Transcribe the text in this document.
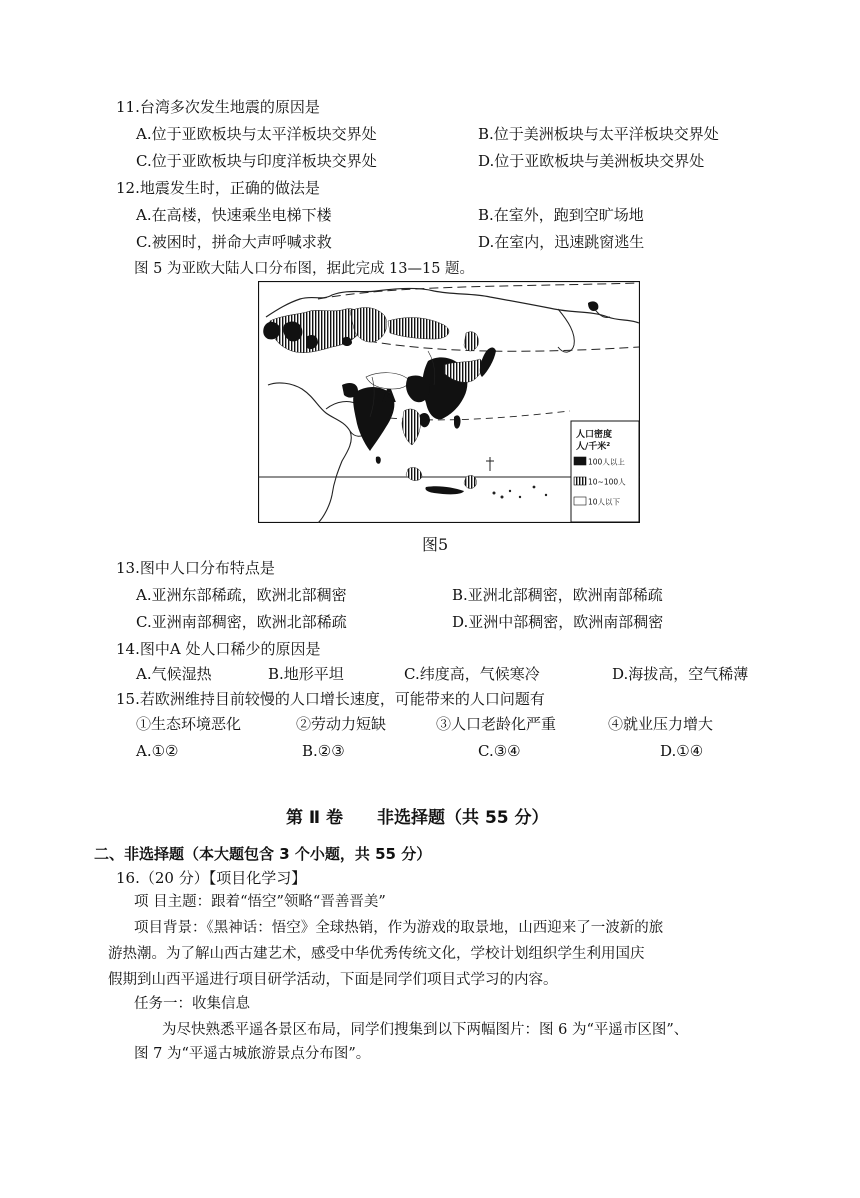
11.台湾多次发生地震的原因是
A.位于亚欧板块与太平洋板块交界处	B.位于美洲板块与太平洋板块交界处
C.位于亚欧板块与印度洋板块交界处	D.位于亚欧板块与美洲板块交界处
12.地震发生时，正确的做法是
A.在高楼，快速乘坐电梯下楼	B.在室外，跑到空旷场地
C.被困时，拼命大声呼喊求救	D.在室内，迅速跳窗逃生
图 5 为亚欧大陆人口分布图，据此完成 13—15 题。
A
人口密度
人/千米²
100人以上
10~100人
10人以下
图5
13.图中人口分布特点是
A.亚洲东部稀疏，欧洲北部稠密	B.亚洲北部稠密，欧洲南部稀疏
C.亚洲南部稠密，欧洲北部稀疏	D.亚洲中部稠密，欧洲南部稠密
14.图中A 处人口稀少的原因是
A.气候湿热	B.地形平坦	C.纬度高，气候寒冷	D.海拔高，空气稀薄
15.若欧洲维持目前较慢的人口增长速度，可能带来的人口问题有
①生态环境恶化	②劳动力短缺	③人口老龄化严重	④就业压力增大
A.①②	B.②③	C.③④	D.①④
第 Ⅱ 卷　　非选择题（共 55 分）
二、非选择题（本大题包含 3 个小题，共 55 分）
16.（20 分）【项目化学习】
项 目主题：跟着“悟空”领略“晋善晋美”
项目背景：《黑神话：悟空》全球热销，作为游戏的取景地，山西迎来了一波新的旅
游热潮。为了解山西古建艺术，感受中华优秀传统文化，学校计划组织学生利用国庆
假期到山西平遥进行项目研学活动，下面是同学们项目式学习的内容。
任务一：收集信息
为尽快熟悉平遥各景区布局，同学们搜集到以下两幅图片：图 6 为“平遥市区图”、
图 7 为“平遥古城旅游景点分布图”。
